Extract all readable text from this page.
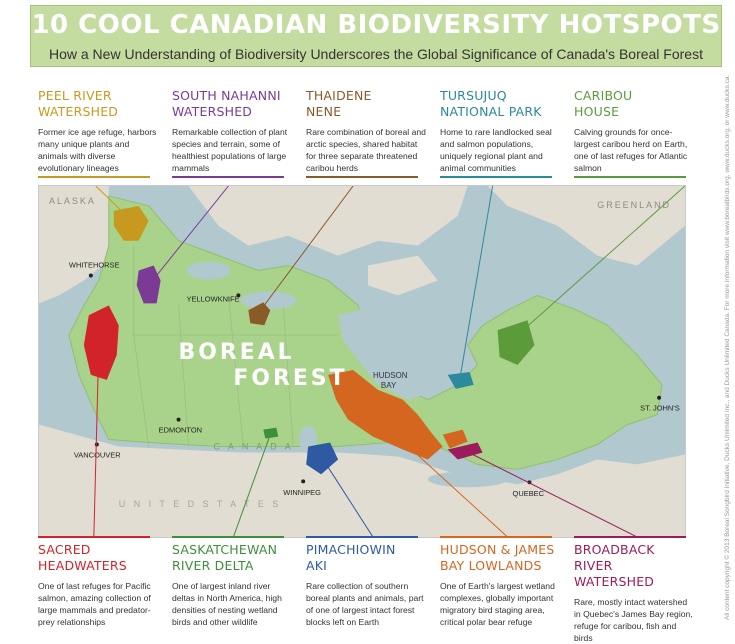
10 COOL CANADIAN BIODIVERSITY HOTSPOTS
How a New Understanding of Biodiversity Underscores the Global Significance of Canada's Boreal Forest
PEEL RIVER
WATERSHED
Former ice age refuge, harbors many unique plants and animals with diverse evolutionary lineages
SOUTH NAHANNI
WATERSHED
Remarkable collection of plant species and terrain, some of healthiest populations of large mammals
THAIDENE
NENE
Rare combination of boreal and arctic species, shared habitat for three separate threatened caribou herds
TURSUJUQ
NATIONAL PARK
Home to rare landlocked seal and salmon populations, uniquely regional plant and animal communities
CARIBOU
HOUSE
Calving grounds for once-largest caribou herd on Earth, one of last refuges for Atlantic salmon
ALASKA	GREENLAND
BOREAL
FOREST	HUDSON
BAY
C A N A D A
U N I T E D S T A T E S
WHITEHORSE
YELLOWKNIFE
EDMONTON
VANCOUVER
WINNIPEG	QUEBEC
ST. JOHN'S
SACRED
HEADWATERS
One of last refuges for Pacific salmon, amazing collection of large mammals and predator-prey relationships
SASKATCHEWAN
RIVER DELTA
One of largest inland river deltas in North America, high densities of nesting wetland birds and other wildlife
PIMACHIOWIN
AKI
Rare collection of southern boreal plants and animals, part of one of largest intact forest blocks left on Earth
HUDSON & JAMES
BAY LOWLANDS
One of Earth's largest wetland complexes, globally important migratory bird staging area, critical polar bear refuge
BROADBACK RIVER
WATERSHED
Rare, mostly intact watershed in Quebec's James Bay region, refuge for caribou, fish and birds
All content copyright © 2013 Boreal Songbird Initiative, Ducks Unlimited Inc., and Ducks Unlimited Canada. For more information visit www.borealbirds.org, www.ducks.org, or www.ducks.ca.
